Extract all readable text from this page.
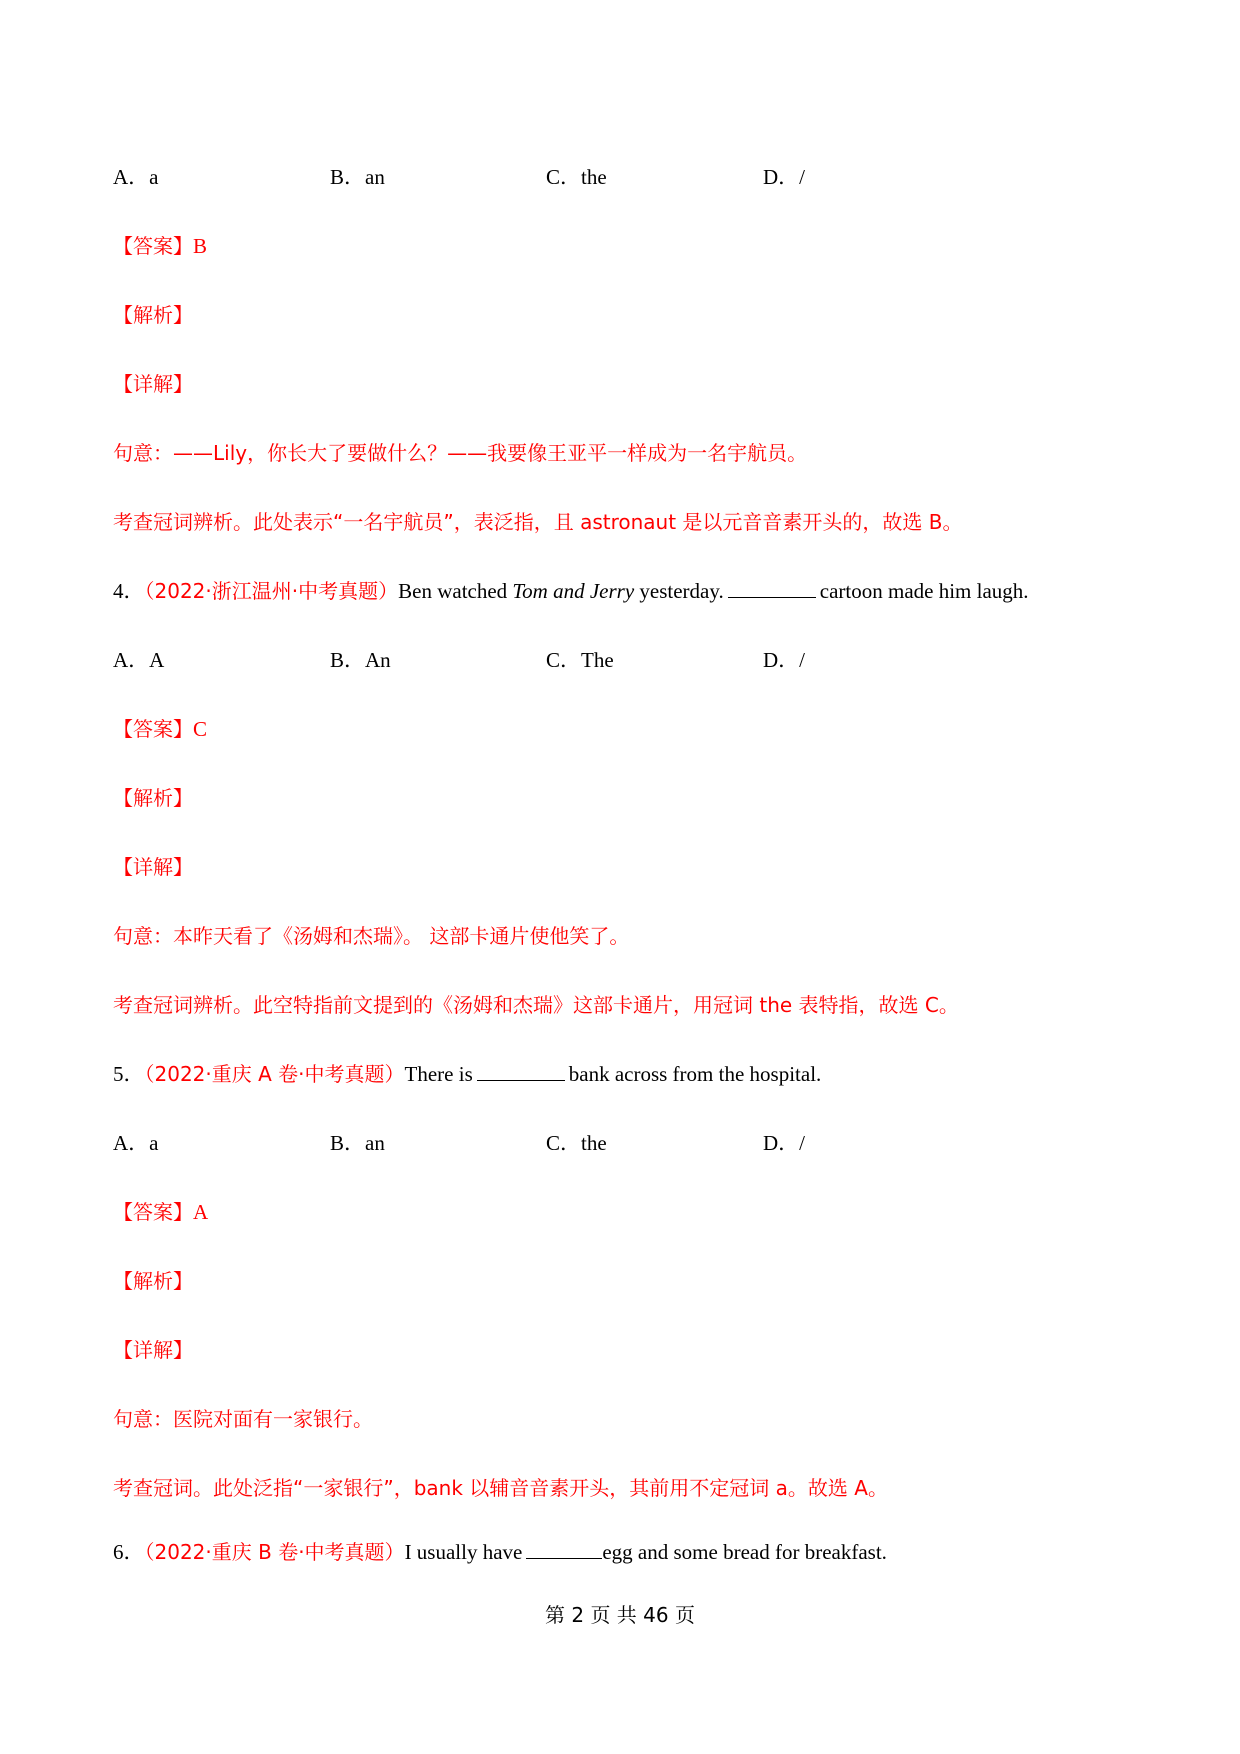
A．a	B．an	C．the	D．/
【答案】B
【解析】
【详解】
句意：——Lily，你长大了要做什么？——我要像王亚平一样成为一名宇航员。
考查冠词辨析。此处表示“一名宇航员”，表泛指，且 astronaut 是以元音音素开头的，故选 B。
4．（2022·浙江温州·中考真题）Ben watched Tom and Jerry yesterday.	cartoon made him laugh.
A．A	B．An	C．The	D．/
【答案】C
【解析】
【详解】
句意：本昨天看了《汤姆和杰瑞》。 这部卡通片使他笑了。
考查冠词辨析。此空特指前文提到的《汤姆和杰瑞》这部卡通片，用冠词 the 表特指，故选 C。
5．（2022·重庆 A 卷·中考真题）There is	bank across from the hospital.
A．a	B．an	C．the	D．/
【答案】A
【解析】
【详解】
句意：医院对面有一家银行。
考查冠词。此处泛指“一家银行”，bank 以辅音音素开头，其前用不定冠词 a。故选 A。
6．（2022·重庆 B 卷·中考真题）I usually have	egg and some bread for breakfast.
第 2 页 共 46 页
